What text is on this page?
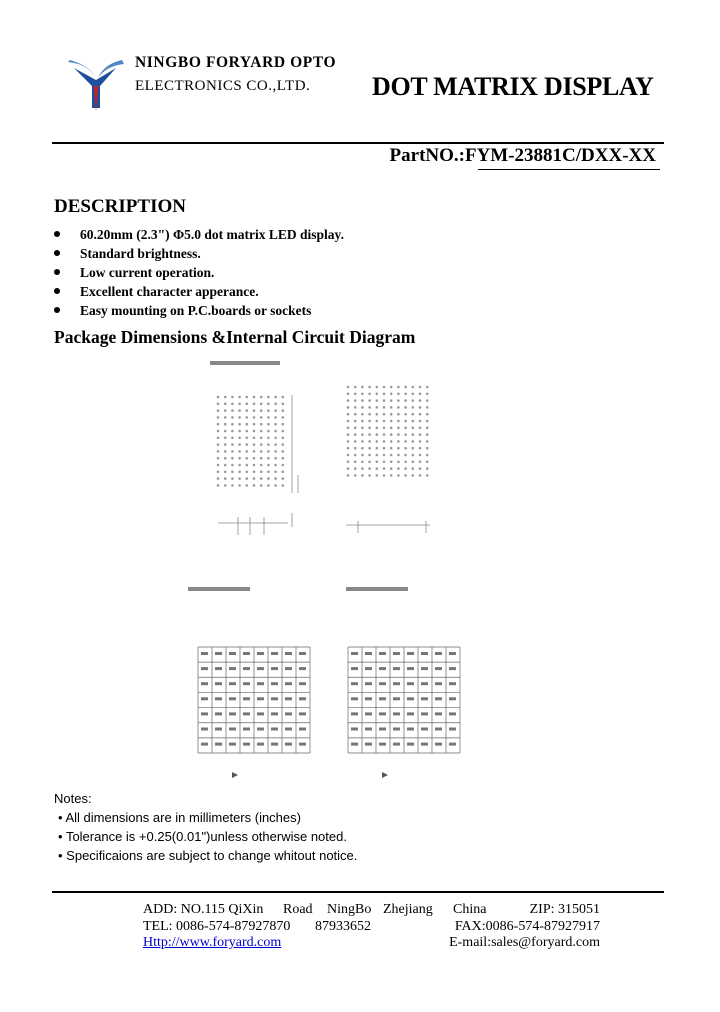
NINGBO FORYARD OPTO
ELECTRONICS CO.,LTD. DOT MATRIX DISPLAY
PartNO.:FYM-23881C/DXX-XX
DESCRIPTION
60.20mm (2.3") Φ5.0 dot matrix LED display.
Standard brightness.
Low current operation.
Excellent character apperance.
Easy mounting on P.C.boards or sockets
Package Dimensions &Internal Circuit Diagram
Notes:
• All dimensions are in millimeters (inches)
• Tolerance is +0.25(0.01")unless otherwise noted.
• Specificaions are subject to change whitout notice.
ADD: NO.115 QiXin Road NingBo Zhejiang China	ZIP: 315051
TEL: 0086-574-87927870 87933652	FAX:0086-574-87927917
Http://www.foryard.com	E-mail:sales@foryard.com
